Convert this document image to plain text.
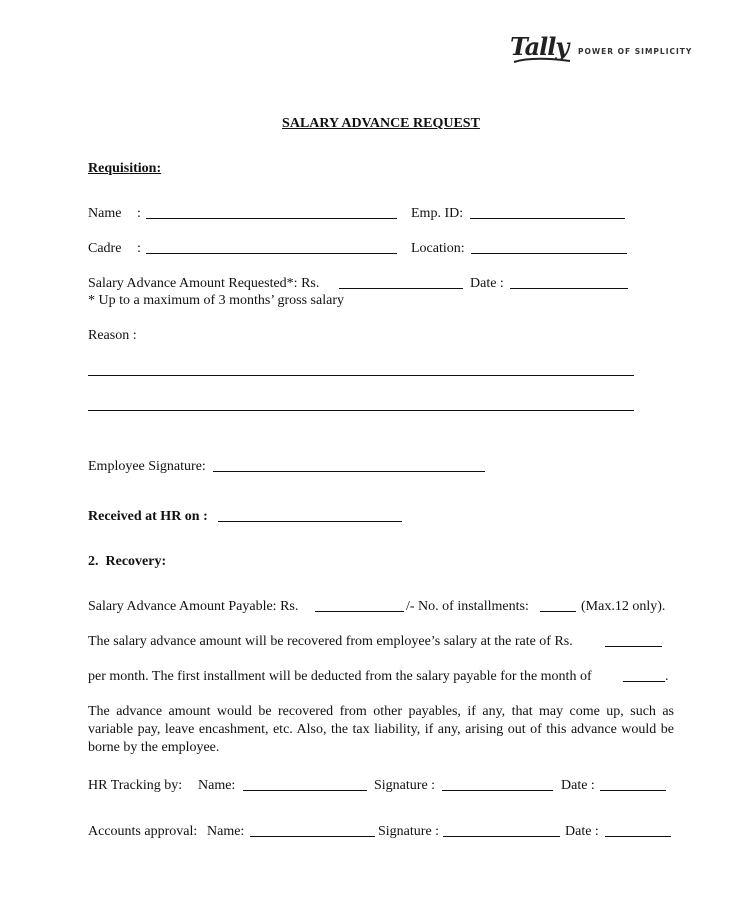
Tally POWER OF SIMPLICITY
SALARY ADVANCE REQUEST
Requisition:
Name :	Emp. ID:
Cadre :	Location:
Salary Advance Amount Requested*: Rs.	Date :
* Up to a maximum of 3 months’ gross salary
Reason :
Employee Signature:
Received at HR on :
2.  Recovery:
Salary Advance Amount Payable: Rs.	/- No. of installments:	(Max.12 only).
The salary advance amount will be recovered from employee’s salary at the rate of Rs.
per month. The first installment will be deducted from the salary payable for the month of	.
The advance amount would be recovered from other payables, if any, that may come up, such as variable pay, leave encashment, etc. Also, the tax liability, if any, arising out of this advance would be borne by the employee.
HR Tracking by: Name:	Signature :	Date :
Accounts approval: Name:	Signature :	Date :
